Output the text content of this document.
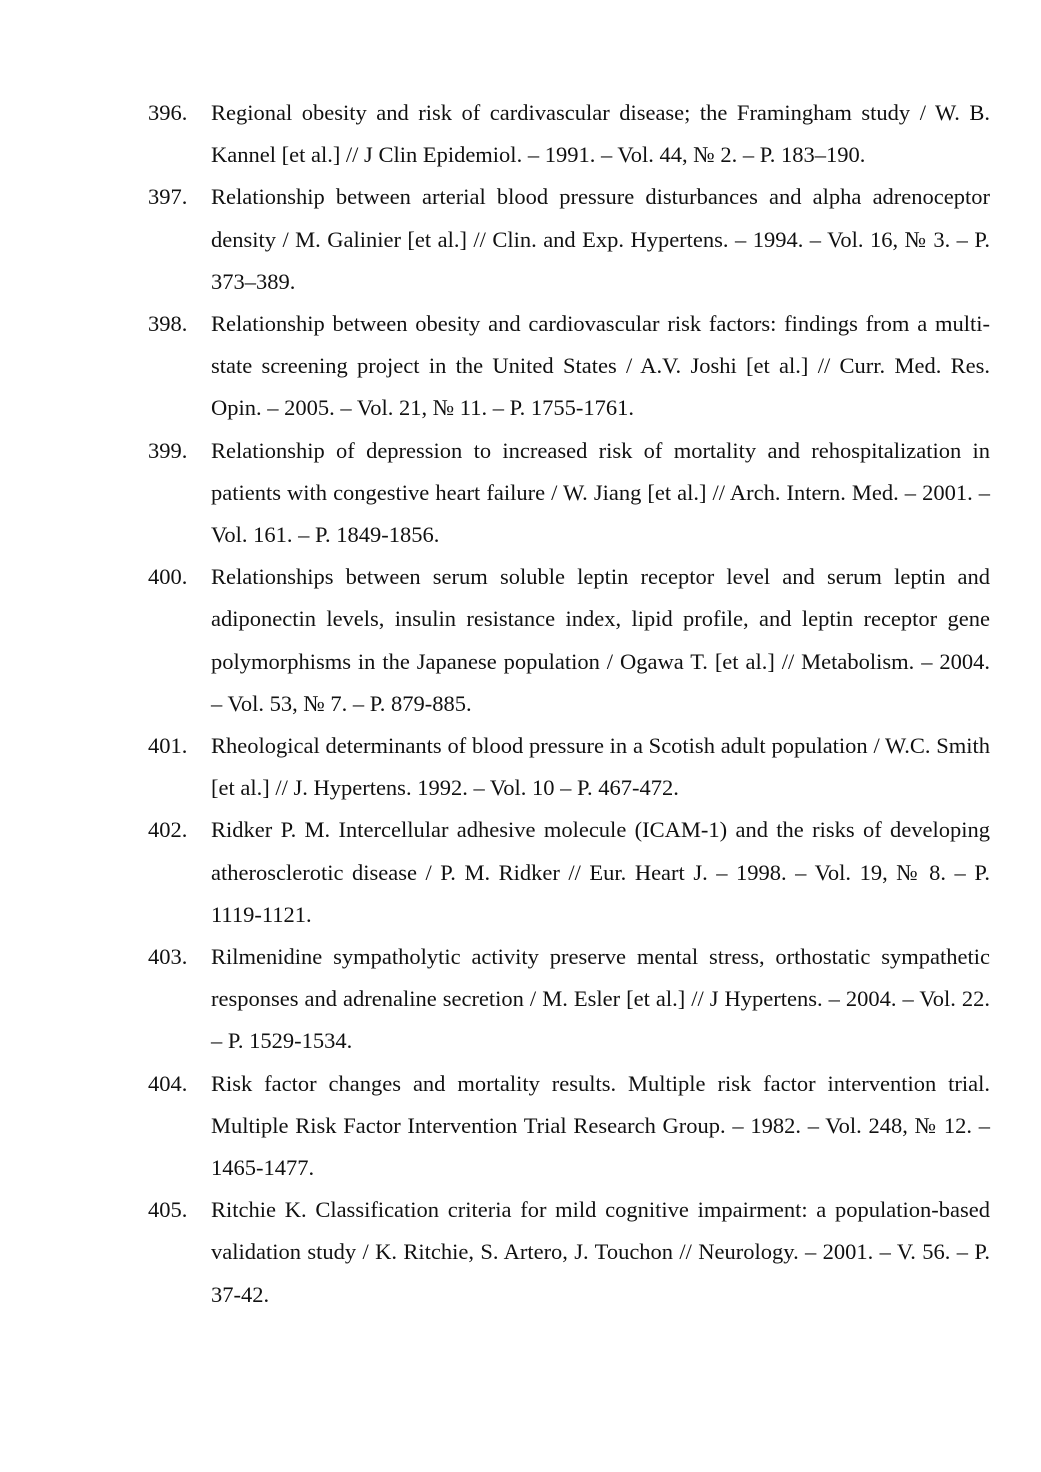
396.	Regional obesity and risk of cardivascular disease; the Framingham study / W. B. Kannel [et al.] // J Clin Epidemiol. – 1991. – Vol. 44, № 2. – P. 183–190.
397.	Relationship between arterial blood pressure disturbances and alpha adrenoceptor density / M. Galinier [et al.] // Clin. and Exp. Hypertens. – 1994. – Vol. 16, № 3. – P. 373–389.
398.	Relationship between obesity and cardiovascular risk factors: findings from a multi-state screening project in the United States / A.V. Joshi [et al.] // Curr. Med. Res. Opin. – 2005. – Vol. 21, № 11. – P. 1755-1761.
399.	Relationship of depression to increased risk of mortality and rehospitalization in patients with congestive heart failure / W. Jiang [et al.] // Arch. Intern. Med. – 2001. – Vol. 161. – P. 1849-1856.
400.	Relationships between serum soluble leptin receptor level and serum leptin and adiponectin levels, insulin resistance index, lipid profile, and leptin receptor gene polymorphisms in the Japanese population / Ogawa T. [et al.] // Metabolism. – 2004. – Vol. 53, № 7. – P. 879-885.
401.	Rheological determinants of blood pressure in a Scotish adult population / W.C. Smith [et al.] // J. Hypertens. 1992. – Vol. 10 – P. 467-472.
402.	Ridker P. M. Intercellular adhesive molecule (ICAM-1) and the risks of developing atherosclerotic disease / P. M. Ridker // Eur. Heart J. – 1998. – Vol. 19, № 8. – P. 1119-1121.
403.	Rilmenidine sympatholytic activity preserve mental stress, orthostatic sympathetic responses and adrenaline secretion / M. Esler [et al.] // J Hypertens. – 2004. – Vol. 22. – P. 1529-1534.
404.	Risk factor changes and mortality results. Multiple risk factor intervention trial. Multiple Risk Factor Intervention Trial Research Group. – 1982. – Vol. 248, № 12. – 1465-1477.
405.	Ritchie K. Classification criteria for mild cognitive impairment: a population-based validation study / K. Ritchie, S. Artero, J. Touchon // Neurology. – 2001. – V. 56. – P. 37-42.
